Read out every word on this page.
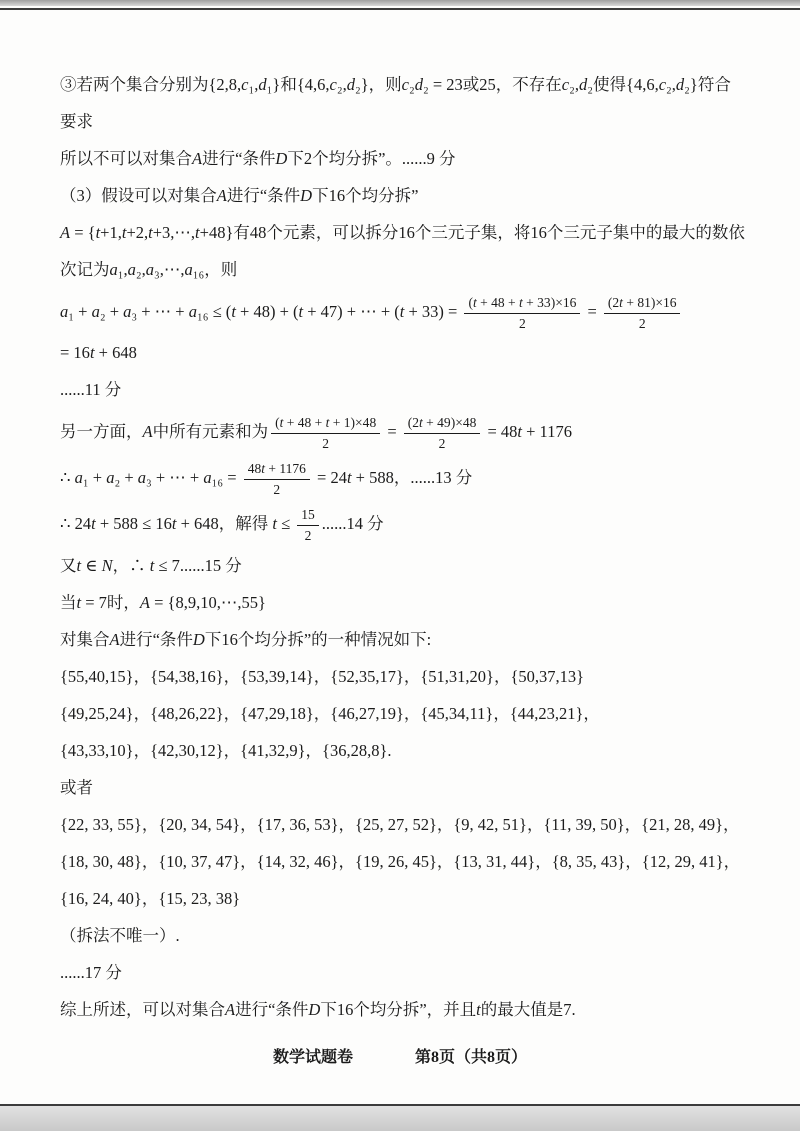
③若两个集合分别为{2,8,c₁,d₁}和{4,6,c₂,d₂}，则c₂d₂ = 23或25，不存在c₂,d₂使得{4,6,c₂,d₂}符合
要求
所以不可以对集合A进行“条件D下2个均分拆”。......9 分
（3）假设可以对集合A进行“条件D下16个均分拆”
A = {t+1,t+2,t+3,⋯,t+48}有48个元素，可以拆分16个三元子集，将16个三元子集中的最大的数依
次记为a₁,a₂,a₃,⋯,a₁₆，则
a₁ + a₂ + a₃ + ⋯ + a₁₆ ≤ (t + 48) + (t + 47) + ⋯ + $(t + 33) = \frac{(t + 48 + t + 33)\times 16}{2} = \frac{(2t + 81)\times 16}{2}$
= 16t + 648
......11 分
另一方面，A中所有元素和为 $\frac{(t + 48 + t + 1)\times 48}{2} = \frac{(2t + 49)\times 48}{2} = 48t + 1176$
∴ a₁ + a₂ + a₃ + ⋯ + $a_{16} = \frac{48t + 1176}{2} = 24t + 588$，......13 分
∴ 24t + 588 ≤ 16t + 648，解得 $t \le \frac{15}{2} ......14$ 分
又t ∈ N，∴ t ≤ 7......15 分
当t = 7时，A = {8,9,10,⋯,55}
对集合A进行“条件D下16个均分拆”的一种情况如下:
{55,40,15}，{54,38,16}，{53,39,14}，{52,35,17}，{51,31,20}，{50,37,13}
{49,25,24}，{48,26,22}，{47,29,18}，{46,27,19}，{45,34,11}，{44,23,21}，
{43,33,10}，{42,30,12}，{41,32,9}，{36,28,8}.
或者
{22, 33, 55}，{20, 34, 54}，{17, 36, 53}，{25, 27, 52}，{9, 42, 51}，{11, 39, 50}，{21, 28, 49}，
{18, 30, 48}，{10, 37, 47}，{14, 32, 46}，{19, 26, 45}，{13, 31, 44}，{8, 35, 43}，{12, 29, 41}，
{16, 24, 40}，{15, 23, 38}
（拆法不唯一）.
......17 分
综上所述，可以对集合A进行“条件D下16个均分拆”，并且t的最大值是7.
数学试题卷	第8页（共8页）
